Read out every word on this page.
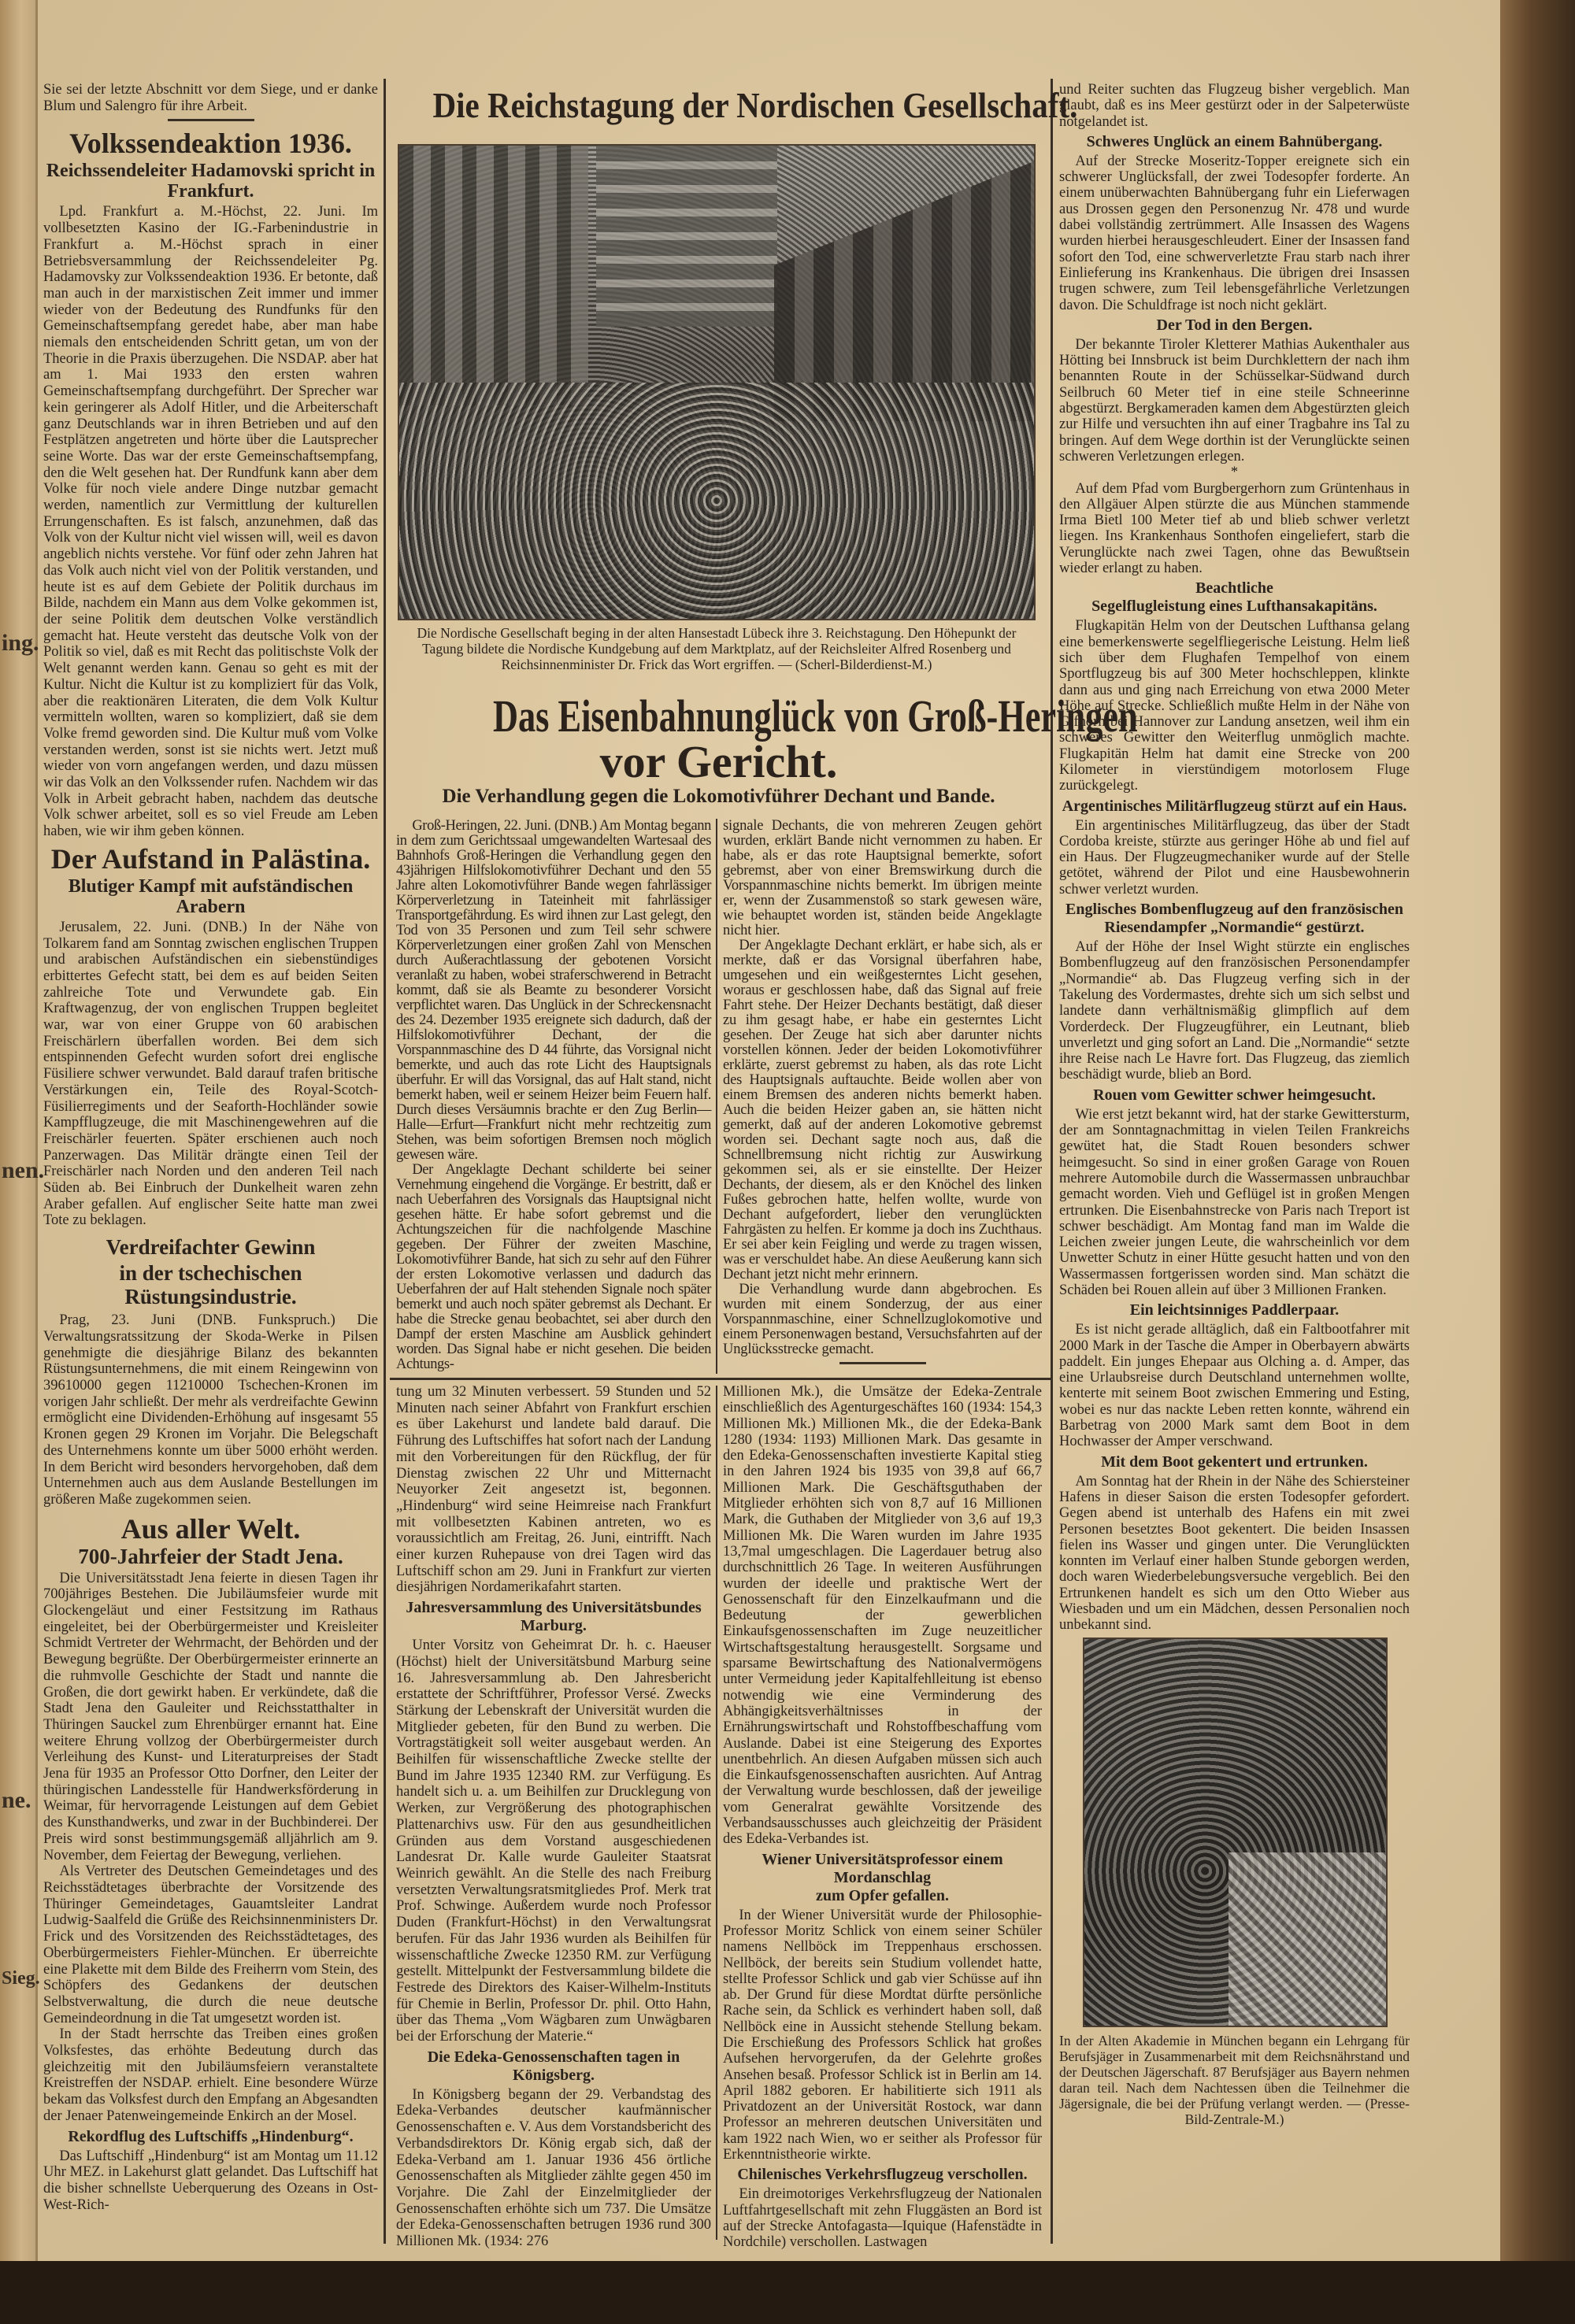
ing.
nen.
ne.
Sieg.

Sie sei der letzte Abschnitt vor dem Siege, und er danke Blum und Salengro für ihre Arbeit.

Volkssendeaktion 1936.
Reichssendeleiter Hadamovski spricht in Frankfurt.

Lpd. Frankfurt a. M.-Höchst, 22. Juni. Im vollbesetzten Kasino der IG.-Farbenindustrie in Frankfurt a. M.-Höchst sprach in einer Betriebsversammlung der Reichssendeleiter Pg. Hadamovsky zur Volkssendeaktion 1936. Er betonte, daß man auch in der marxistischen Zeit immer und immer wieder von der Bedeutung des Rundfunks für den Gemeinschaftsempfang geredet habe, aber man habe niemals den entscheidenden Schritt getan, um von der Theorie in die Praxis überzugehen. Die NSDAP. aber hat am 1. Mai 1933 den ersten wahren Gemeinschaftsempfang durchgeführt. Der Sprecher war kein geringerer als Adolf Hitler, und die Arbeiterschaft ganz Deutschlands war in ihren Betrieben und auf den Festplätzen angetreten und hörte über die Lautsprecher seine Worte. Das war der erste Gemeinschaftsempfang, den die Welt gesehen hat. Der Rundfunk kann aber dem Volke für noch viele andere Dinge nutzbar gemacht werden, namentlich zur Vermittlung der kulturellen Errungenschaften. Es ist falsch, anzunehmen, daß das Volk von der Kultur nicht viel wissen will, weil es davon angeblich nichts verstehe. Vor fünf oder zehn Jahren hat das Volk auch nicht viel von der Politik verstanden, und heute ist es auf dem Gebiete der Politik durchaus im Bilde, nachdem ein Mann aus dem Volke gekommen ist, der seine Politik dem deutschen Volke verständlich gemacht hat. Heute versteht das deutsche Volk von der Politik so viel, daß es mit Recht das politischste Volk der Welt genannt werden kann. Genau so geht es mit der Kultur. Nicht die Kultur ist zu kompliziert für das Volk, aber die reaktionären Literaten, die dem Volk Kultur vermitteln wollten, waren so kompliziert, daß sie dem Volke fremd geworden sind. Die Kultur muß vom Volke verstanden werden, sonst ist sie nichts wert. Jetzt muß wieder von vorn angefangen werden, und dazu müssen wir das Volk an den Volkssender rufen. Nachdem wir das Volk in Arbeit gebracht haben, nachdem das deutsche Volk schwer arbeitet, soll es so viel Freude am Leben haben, wie wir ihm geben können.

Der Aufstand in Palästina.
Blutiger Kampf mit aufständischen Arabern

Jerusalem, 22. Juni. (DNB.) In der Nähe von Tolkarem fand am Sonntag zwischen englischen Truppen und arabischen Aufständischen ein siebenstündiges erbittertes Gefecht statt, bei dem es auf beiden Seiten zahlreiche Tote und Verwundete gab. Ein Kraftwagenzug, der von englischen Truppen begleitet war, war von einer Gruppe von 60 arabischen Freischärlern überfallen worden. Bei dem sich entspinnenden Gefecht wurden sofort drei englische Füsiliere schwer verwundet. Bald darauf trafen britische Verstärkungen ein, Teile des Royal-Scotch-Füsilierregiments und der Seaforth-Hochländer sowie Kampfflugzeuge, die mit Maschinengewehren auf die Freischärler feuerten. Später erschienen auch noch Panzerwagen. Das Militär drängte einen Teil der Freischärler nach Norden und den anderen Teil nach Süden ab. Bei Einbruch der Dunkelheit waren zehn Araber gefallen. Auf englischer Seite hatte man zwei Tote zu beklagen.

Verdreifachter Gewinn
in der tschechischen Rüstungsindustrie.

Prag, 23. Juni (DNB. Funkspruch.) Die Verwaltungsratssitzung der Skoda-Werke in Pilsen genehmigte die diesjährige Bilanz des bekannten Rüstungsunternehmens, die mit einem Reingewinn von 39610000 gegen 11210000 Tschechen-Kronen im vorigen Jahr schließt. Der mehr als verdreifachte Gewinn ermöglicht eine Dividenden-Erhöhung auf insgesamt 55 Kronen gegen 29 Kronen im Vorjahr. Die Belegschaft des Unternehmens konnte um über 5000 erhöht werden. In dem Bericht wird besonders hervorgehoben, daß dem Unternehmen auch aus dem Auslande Bestellungen im größeren Maße zugekommen seien.

Aus aller Welt.
700-Jahrfeier der Stadt Jena.

Die Universitätsstadt Jena feierte in diesen Tagen ihr 700jähriges Bestehen. Die Jubiläumsfeier wurde mit Glockengeläut und einer Festsitzung im Rathaus eingeleitet, bei der Oberbürgermeister und Kreisleiter Schmidt Vertreter der Wehrmacht, der Behörden und der Bewegung begrüßte. Der Oberbürgermeister erinnerte an die ruhmvolle Geschichte der Stadt und nannte die Großen, die dort gewirkt haben. Er verkündete, daß die Stadt Jena den Gauleiter und Reichsstatthalter in Thüringen Sauckel zum Ehrenbürger ernannt hat. Eine weitere Ehrung vollzog der Oberbürgermeister durch Verleihung des Kunst- und Literaturpreises der Stadt Jena für 1935 an Professor Otto Dorfner, den Leiter der thüringischen Landesstelle für Handwerksförderung in Weimar, für hervorragende Leistungen auf dem Gebiet des Kunsthandwerks, und zwar in der Buchbinderei. Der Preis wird sonst bestimmungsgemäß alljährlich am 9. November, dem Feiertag der Bewegung, verliehen.

Als Vertreter des Deutschen Gemeindetages und des Reichsstädtetages überbrachte der Vorsitzende des Thüringer Gemeindetages, Gauamtsleiter Landrat Ludwig-Saalfeld die Grüße des Reichsinnenministers Dr. Frick und des Vorsitzenden des Reichsstädtetages, des Oberbürgermeisters Fiehler-München. Er überreichte eine Plakette mit dem Bilde des Freiherrn vom Stein, des Schöpfers des Gedankens der deutschen Selbstverwaltung, die durch die neue deutsche Gemeindeordnung in die Tat umgesetzt worden ist.

In der Stadt herrschte das Treiben eines großen Volksfestes, das erhöhte Bedeutung durch das gleichzeitig mit den Jubiläumsfeiern veranstaltete Kreistreffen der NSDAP. erhielt. Eine besondere Würze bekam das Volksfest durch den Empfang an Abgesandten der Jenaer Patenweingemeinde Enkirch an der Mosel.

Rekordflug des Luftschiffs „Hindenburg“.

Das Luftschiff „Hindenburg“ ist am Montag um 11.12 Uhr MEZ. in Lakehurst glatt gelandet. Das Luftschiff hat die bisher schnellste Ueberquerung des Ozeans in Ost-West-Rich-

Die Reichstagung der Nordischen Gesellschaft.
Die Nordische Gesellschaft beging in der alten Hansestadt Lübeck ihre 3. Reichstagung. Den Höhepunkt der Tagung bildete die Nordische Kundgebung auf dem Marktplatz, auf der Reichsleiter Alfred Rosenberg und Reichsinnenminister Dr. Frick das Wort ergriffen. — (Scherl-Bilderdienst-M.)
Das Eisenbahnunglück von Groß-Heringen
vor Gericht.
Die Verhandlung gegen die Lokomotivführer Dechant und Bande.

Groß-Heringen, 22. Juni. (DNB.) Am Montag begann in dem zum Gerichtssaal umgewandelten Wartesaal des Bahnhofs Groß-Heringen die Verhandlung gegen den 43jährigen Hilfslokomotivführer Dechant und den 55 Jahre alten Lokomotivführer Bande wegen fahrlässiger Körperverletzung in Tateinheit mit fahrlässiger Transportgefährdung. Es wird ihnen zur Last gelegt, den Tod von 35 Personen und zum Teil sehr schwere Körperverletzungen einer großen Zahl von Menschen durch Außerachtlassung der gebotenen Vorsicht veranlaßt zu haben, wobei straferschwerend in Betracht kommt, daß sie als Beamte zu besonderer Vorsicht verpflichtet waren. Das Unglück in der Schreckensnacht des 24. Dezember 1935 ereignete sich dadurch, daß der Hilfslokomotivführer Dechant, der die Vorspannmaschine des D 44 führte, das Vorsignal nicht bemerkte, und auch das rote Licht des Hauptsignals überfuhr. Er will das Vorsignal, das auf Halt stand, nicht bemerkt haben, weil er seinem Heizer beim Feuern half. Durch dieses Versäumnis brachte er den Zug Berlin—Halle—Erfurt—Frankfurt nicht mehr rechtzeitig zum Stehen, was beim sofortigen Bremsen noch möglich gewesen wäre.

Der Angeklagte Dechant schilderte bei seiner Vernehmung eingehend die Vorgänge. Er bestritt, daß er nach Ueberfahren des Vorsignals das Hauptsignal nicht gesehen hätte. Er habe sofort gebremst und die Achtungszeichen für die nachfolgende Maschine gegeben. Der Führer der zweiten Maschine, Lokomotivführer Bande, hat sich zu sehr auf den Führer der ersten Lokomotive verlassen und dadurch das Ueberfahren der auf Halt stehenden Signale noch später bemerkt und auch noch später gebremst als Dechant. Er habe die Strecke genau beobachtet, sei aber durch den Dampf der ersten Maschine am Ausblick gehindert worden. Das Signal habe er nicht gesehen. Die beiden Achtungs-

signale Dechants, die von mehreren Zeugen gehört wurden, erklärt Bande nicht vernommen zu haben. Er habe, als er das rote Hauptsignal bemerkte, sofort gebremst, aber von einer Bremswirkung durch die Vorspannmaschine nichts bemerkt. Im übrigen meinte er, wenn der Zusammenstoß so stark gewesen wäre, wie behauptet worden ist, ständen beide Angeklagte nicht hier.

Der Angeklagte Dechant erklärt, er habe sich, als er merkte, daß er das Vorsignal überfahren habe, umgesehen und ein weißgesterntes Licht gesehen, woraus er geschlossen habe, daß das Signal auf freie Fahrt stehe. Der Heizer Dechants bestätigt, daß dieser zu ihm gesagt habe, er habe ein gesterntes Licht gesehen. Der Zeuge hat sich aber darunter nichts vorstellen können. Jeder der beiden Lokomotivführer erklärte, zuerst gebremst zu haben, als das rote Licht des Hauptsignals auftauchte. Beide wollen aber von einem Bremsen des anderen nichts bemerkt haben. Auch die beiden Heizer gaben an, sie hätten nicht gemerkt, daß auf der anderen Lokomotive gebremst worden sei. Dechant sagte noch aus, daß die Schnellbremsung nicht richtig zur Auswirkung gekommen sei, als er sie einstellte. Der Heizer Dechants, der diesem, als er den Knöchel des linken Fußes gebrochen hatte, helfen wollte, wurde von Dechant aufgefordert, lieber den verunglückten Fahrgästen zu helfen. Er komme ja doch ins Zuchthaus. Er sei aber kein Feigling und werde zu tragen wissen, was er verschuldet habe. An diese Aeußerung kann sich Dechant jetzt nicht mehr erinnern.

Die Verhandlung wurde dann abgebrochen. Es wurden mit einem Sonderzug, der aus einer Vorspannmaschine, einer Schnellzuglokomotive und einem Personenwagen bestand, Versuchsfahrten auf der Unglücksstrecke gemacht.

tung um 32 Minuten verbessert. 59 Stunden und 52 Minuten nach seiner Abfahrt von Frankfurt erschien es über Lakehurst und landete bald darauf. Die Führung des Luftschiffes hat sofort nach der Landung mit den Vorbereitungen für den Rückflug, der für Dienstag zwischen 22 Uhr und Mitternacht Neuyorker Zeit angesetzt ist, begonnen. „Hindenburg“ wird seine Heimreise nach Frankfurt mit vollbesetzten Kabinen antreten, wo es voraussichtlich am Freitag, 26. Juni, eintrifft. Nach einer kurzen Ruhepause von drei Tagen wird das Luftschiff schon am 29. Juni in Frankfurt zur vierten diesjährigen Nordamerikafahrt starten.

Jahresversammlung des Universitätsbundes
Marburg.

Unter Vorsitz von Geheimrat Dr. h. c. Haeuser (Höchst) hielt der Universitätsbund Marburg seine 16. Jahresversammlung ab. Den Jahresbericht erstattete der Schriftführer, Professor Versé. Zwecks Stärkung der Lebenskraft der Universität wurden die Mitglieder gebeten, für den Bund zu werben. Die Vortragstätigkeit soll weiter ausgebaut werden. An Beihilfen für wissenschaftliche Zwecke stellte der Bund im Jahre 1935 12340 RM. zur Verfügung. Es handelt sich u. a. um Beihilfen zur Drucklegung von Werken, zur Vergrößerung des photographischen Plattenarchivs usw. Für den aus gesundheitlichen Gründen aus dem Vorstand ausgeschiedenen Landesrat Dr. Kalle wurde Gauleiter Staatsrat Weinrich gewählt. An die Stelle des nach Freiburg versetzten Verwaltungsratsmitgliedes Prof. Merk trat Prof. Schwinge. Außerdem wurde noch Professor Duden (Frankfurt-Höchst) in den Verwaltungsrat berufen. Für das Jahr 1936 wurden als Beihilfen für wissenschaftliche Zwecke 12350 RM. zur Verfügung gestellt. Mittelpunkt der Festversammlung bildete die Festrede des Direktors des Kaiser-Wilhelm-Instituts für Chemie in Berlin, Professor Dr. phil. Otto Hahn, über das Thema „Vom Wägbaren zum Unwägbaren bei der Erforschung der Materie.“

Die Edeka-Genossenschaften tagen in Königsberg.

In Königsberg begann der 29. Verbandstag des Edeka-Verbandes deutscher kaufmännischer Genossenschaften e. V. Aus dem Vorstandsbericht des Verbandsdirektors Dr. König ergab sich, daß der Edeka-Verband am 1. Januar 1936 456 örtliche Genossenschaften als Mitglieder zählte gegen 450 im Vorjahre. Die Zahl der Einzelmitglieder der Genossenschaften erhöhte sich um 737. Die Umsätze der Edeka-Genossenschaften betrugen 1936 rund 300 Millionen Mk. (1934: 276

Millionen Mk.), die Umsätze der Edeka-Zentrale einschließlich des Agenturgeschäftes 160 (1934: 154,3 Millionen Mk.) Millionen Mk., die der Edeka-Bank 1280 (1934: 1193) Millionen Mark. Das gesamte in den Edeka-Genossenschaften investierte Kapital stieg in den Jahren 1924 bis 1935 von 39,8 auf 66,7 Millionen Mark. Die Geschäftsguthaben der Mitglieder erhöhten sich von 8,7 auf 16 Millionen Mark, die Guthaben der Mitglieder von 3,6 auf 19,3 Millionen Mk. Die Waren wurden im Jahre 1935 13,7mal umgeschlagen. Die Lagerdauer betrug also durchschnittlich 26 Tage. In weiteren Ausführungen wurden der ideelle und praktische Wert der Genossenschaft für den Einzelkaufmann und die Bedeutung der gewerblichen Einkaufsgenossenschaften im Zuge neuzeitlicher Wirtschaftsgestaltung herausgestellt. Sorgsame und sparsame Bewirtschaftung des Nationalvermögens unter Vermeidung jeder Kapitalfehlleitung ist ebenso notwendig wie eine Verminderung des Abhängigkeitsverhältnisses in der Ernährungswirtschaft und Rohstoffbeschaffung vom Auslande. Dabei ist eine Steigerung des Exportes unentbehrlich. An diesen Aufgaben müssen sich auch die Einkaufsgenossenschaften ausrichten. Auf Antrag der Verwaltung wurde beschlossen, daß der jeweilige vom Generalrat gewählte Vorsitzende des Verbandsausschusses auch gleichzeitig der Präsident des Edeka-Verbandes ist.

Wiener Universitätsprofessor einem Mordanschlag
zum Opfer gefallen.

In der Wiener Universität wurde der Philosophie-Professor Moritz Schlick von einem seiner Schüler namens Nellböck im Treppenhaus erschossen. Nellböck, der bereits sein Studium vollendet hatte, stellte Professor Schlick und gab vier Schüsse auf ihn ab. Der Grund für diese Mordtat dürfte persönliche Rache sein, da Schlick es verhindert haben soll, daß Nellböck eine in Aussicht stehende Stellung bekam. Die Erschießung des Professors Schlick hat großes Aufsehen hervorgerufen, da der Gelehrte großes Ansehen besaß. Professor Schlick ist in Berlin am 14. April 1882 geboren. Er habilitierte sich 1911 als Privatdozent an der Universität Rostock, war dann Professor an mehreren deutschen Universitäten und kam 1922 nach Wien, wo er seither als Professor für Erkenntnistheorie wirkte.

Chilenisches Verkehrsflugzeug verschollen.

Ein dreimotoriges Verkehrsflugzeug der Nationalen Luftfahrtgesellschaft mit zehn Fluggästen an Bord ist auf der Strecke Antofagasta—Iquique (Hafenstädte in Nordchile) verschollen. Lastwagen

und Reiter suchten das Flugzeug bisher vergeblich. Man glaubt, daß es ins Meer gestürzt oder in der Salpeterwüste notgelandet ist.

Schweres Unglück an einem Bahnübergang.

Auf der Strecke Moseritz-Topper ereignete sich ein schwerer Unglücksfall, der zwei Todesopfer forderte. An einem unüberwachten Bahnübergang fuhr ein Lieferwagen aus Drossen gegen den Personenzug Nr. 478 und wurde dabei vollständig zertrümmert. Alle Insassen des Wagens wurden hierbei herausgeschleudert. Einer der Insassen fand sofort den Tod, eine schwerverletzte Frau starb nach ihrer Einlieferung ins Krankenhaus. Die übrigen drei Insassen trugen schwere, zum Teil lebensgefährliche Verletzungen davon. Die Schuldfrage ist noch nicht geklärt.

Der Tod in den Bergen.

Der bekannte Tiroler Kletterer Mathias Aukenthaler aus Hötting bei Innsbruck ist beim Durchklettern der nach ihm benannten Route in der Schüsselkar-Südwand durch Seilbruch 60 Meter tief in eine steile Schneerinne abgestürzt. Bergkameraden kamen dem Abgestürzten gleich zur Hilfe und versuchten ihn auf einer Tragbahre ins Tal zu bringen. Auf dem Wege dorthin ist der Verunglückte seinen schweren Verletzungen erlegen.

*

Auf dem Pfad vom Burgbergerhorn zum Grüntenhaus in den Allgäuer Alpen stürzte die aus München stammende Irma Bietl 100 Meter tief ab und blieb schwer verletzt liegen. Ins Krankenhaus Sonthofen eingeliefert, starb die Verunglückte nach zwei Tagen, ohne das Bewußtsein wieder erlangt zu haben.

Beachtliche
Segelflugleistung eines Lufthansakapitäns.

Flugkapitän Helm von der Deutschen Lufthansa gelang eine bemerkenswerte segelfliegerische Leistung. Helm ließ sich über dem Flughafen Tempelhof von einem Sportflugzeug bis auf 300 Meter hochschleppen, klinkte dann aus und ging nach Erreichung von etwa 2000 Meter Höhe auf Strecke. Schließlich mußte Helm in der Nähe von Gifhorn bei Hannover zur Landung ansetzen, weil ihm ein schweres Gewitter den Weiterflug unmöglich machte. Flugkapitän Helm hat damit eine Strecke von 200 Kilometer in vierstündigem motorlosem Fluge zurückgelegt.

Argentinisches Militärflugzeug stürzt auf ein Haus.

Ein argentinisches Militärflugzeug, das über der Stadt Cordoba kreiste, stürzte aus geringer Höhe ab und fiel auf ein Haus. Der Flugzeugmechaniker wurde auf der Stelle getötet, während der Pilot und eine Hausbewohnerin schwer verletzt wurden.

Englisches Bombenflugzeug auf den französischen
Riesendampfer „Normandie“ gestürzt.

Auf der Höhe der Insel Wight stürzte ein englisches Bombenflugzeug auf den französischen Personendampfer „Normandie“ ab. Das Flugzeug verfing sich in der Takelung des Vordermastes, drehte sich um sich selbst und landete dann verhältnismäßig glimpflich auf dem Vorderdeck. Der Flugzeugführer, ein Leutnant, blieb unverletzt und ging sofort an Land. Die „Normandie“ setzte ihre Reise nach Le Havre fort. Das Flugzeug, das ziemlich beschädigt wurde, blieb an Bord.

Rouen vom Gewitter schwer heimgesucht.

Wie erst jetzt bekannt wird, hat der starke Gewittersturm, der am Sonntagnachmittag in vielen Teilen Frankreichs gewütet hat, die Stadt Rouen besonders schwer heimgesucht. So sind in einer großen Garage von Rouen mehrere Automobile durch die Wassermassen unbrauchbar gemacht worden. Vieh und Geflügel ist in großen Mengen ertrunken. Die Eisenbahnstrecke von Paris nach Treport ist schwer beschädigt. Am Montag fand man im Walde die Leichen zweier jungen Leute, die wahrscheinlich vor dem Unwetter Schutz in einer Hütte gesucht hatten und von den Wassermassen fortgerissen worden sind. Man schätzt die Schäden bei Rouen allein auf über 3 Millionen Franken.

Ein leichtsinniges Paddlerpaar.

Es ist nicht gerade alltäglich, daß ein Faltbootfahrer mit 2000 Mark in der Tasche die Amper in Oberbayern abwärts paddelt. Ein junges Ehepaar aus Olching a. d. Amper, das eine Urlaubsreise durch Deutschland unternehmen wollte, kenterte mit seinem Boot zwischen Emmering und Esting, wobei es nur das nackte Leben retten konnte, während ein Barbetrag von 2000 Mark samt dem Boot in dem Hochwasser der Amper verschwand.

Mit dem Boot gekentert und ertrunken.

Am Sonntag hat der Rhein in der Nähe des Schiersteiner Hafens in dieser Saison die ersten Todesopfer gefordert. Gegen abend ist unterhalb des Hafens ein mit zwei Personen besetztes Boot gekentert. Die beiden Insassen fielen ins Wasser und gingen unter. Die Verunglückten konnten im Verlauf einer halben Stunde geborgen werden, doch waren Wiederbelebungsversuche vergeblich. Bei den Ertrunkenen handelt es sich um den Otto Wieber aus Wiesbaden und um ein Mädchen, dessen Personalien noch unbekannt sind.

In der Alten Akademie in München begann ein Lehrgang für Berufsjäger in Zusammenarbeit mit dem Reichsnährstand und der Deutschen Jägerschaft. 87 Berufsjäger aus Bayern nehmen daran teil. Nach dem Nachtessen üben die Teilnehmer die Jägersignale, die bei der Prüfung verlangt werden. — (Presse-Bild-Zentrale-M.)
